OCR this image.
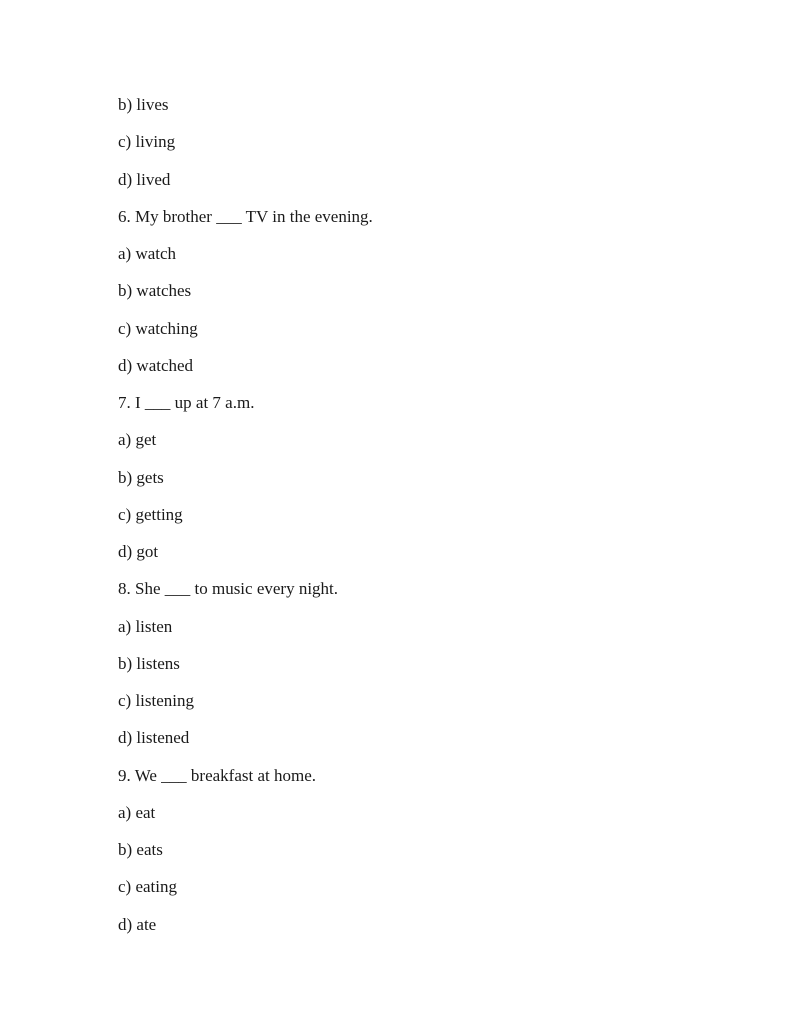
b) lives
c) living
d) lived
6. My brother ___ TV in the evening.
a) watch
b) watches
c) watching
d) watched
7. I ___ up at 7 a.m.
a) get
b) gets
c) getting
d) got
8. She ___ to music every night.
a) listen
b) listens
c) listening
d) listened
9. We ___ breakfast at home.
a) eat
b) eats
c) eating
d) ate
